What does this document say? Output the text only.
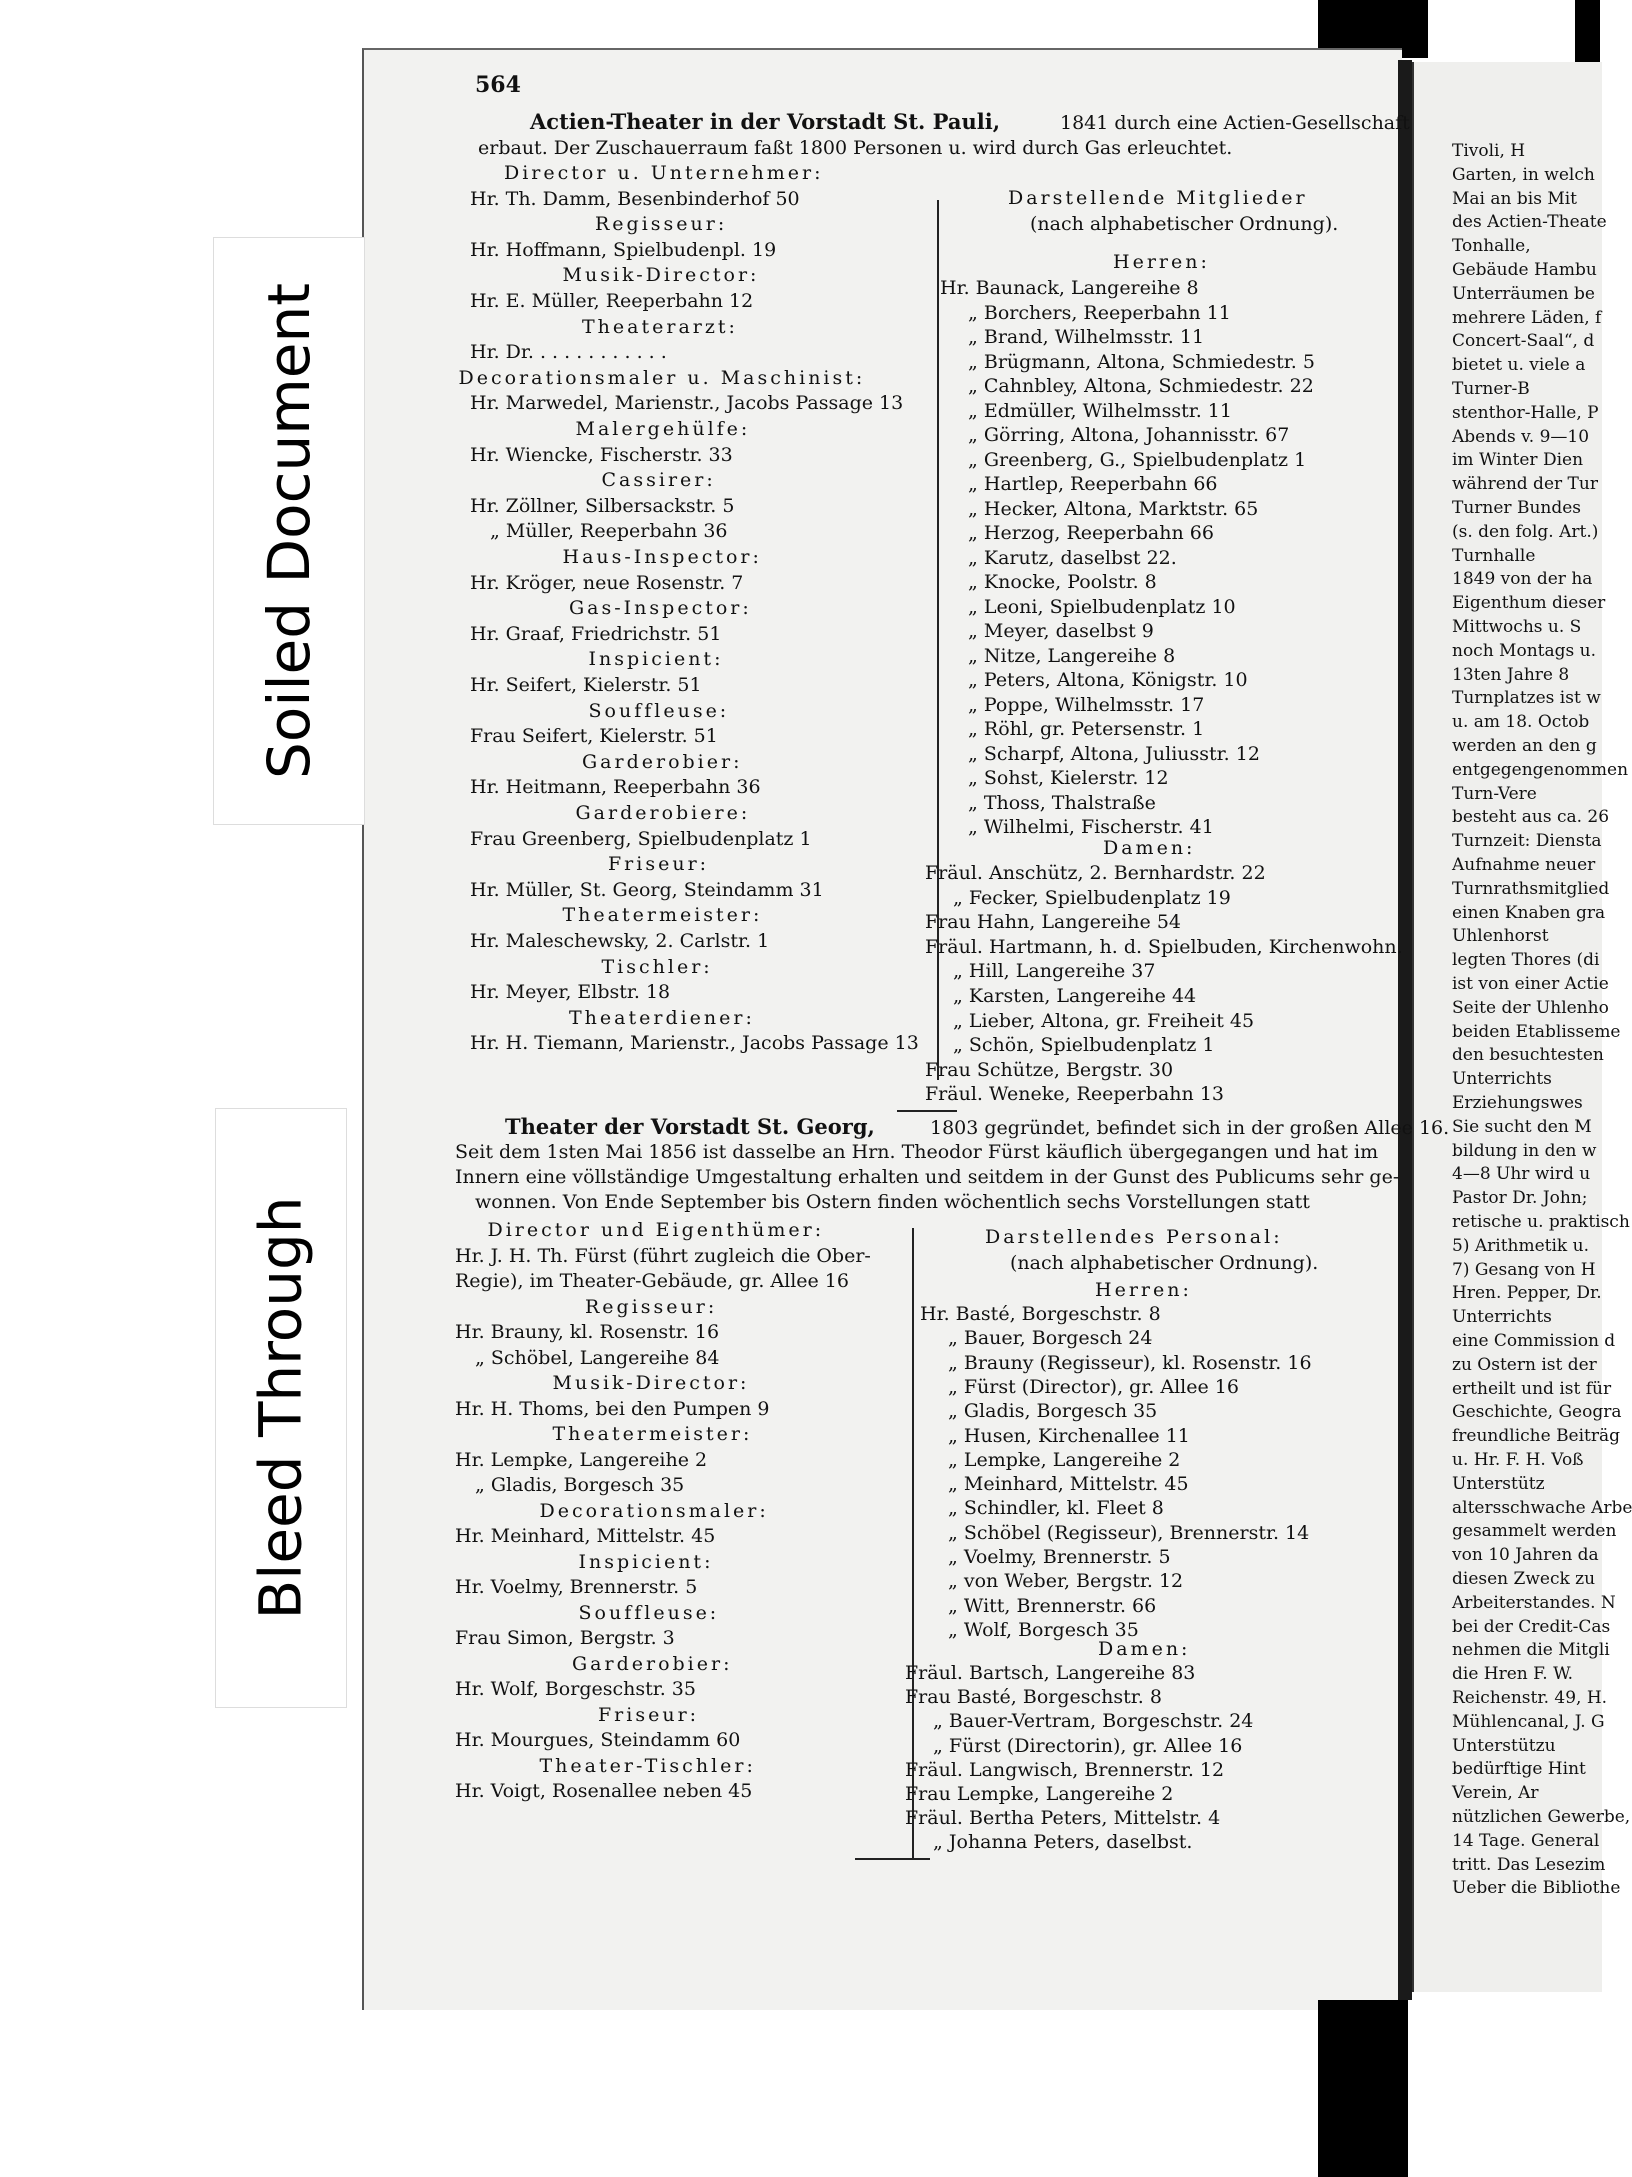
Soiled Document
Bleed Through
564
Actien-Theater in der Vorstadt St. Pauli,	1841 durch eine Actien-Gesellschaft
erbaut. Der Zuschauerraum faßt 1800 Personen u. wird durch Gas erleuchtet.
Director u. Unternehmer:
Hr. Th. Damm, Besenbinderhof 50
Regisseur:
Hr. Hoffmann, Spielbudenpl. 19
Musik-Director:
Hr. E. Müller, Reeperbahn 12
Theaterarzt:
Hr. Dr. . . . . . . . . . . .
Decorationsmaler u. Maschinist:
Hr. Marwedel, Marienstr., Jacobs Passage 13
Malergehülfe:
Hr. Wiencke, Fischerstr. 33
Cassirer:
Hr. Zöllner, Silbersackstr. 5
„ Müller, Reeperbahn 36
Haus-Inspector:
Hr. Kröger, neue Rosenstr. 7
Gas-Inspector:
Hr. Graaf, Friedrichstr. 51
Inspicient:
Hr. Seifert, Kielerstr. 51
Souffleuse:
Frau Seifert, Kielerstr. 51
Garderobier:
Hr. Heitmann, Reeperbahn 36
Garderobiere:
Frau Greenberg, Spielbudenplatz 1
Friseur:
Hr. Müller, St. Georg, Steindamm 31
Theatermeister:
Hr. Maleschewsky, 2. Carlstr. 1
Tischler:
Hr. Meyer, Elbstr. 18
Theaterdiener:
Hr. H. Tiemann, Marienstr., Jacobs Passage 13
Darstellende Mitglieder
(nach alphabetischer Ordnung).
Herren:
Hr. Baunack, Langereihe 8
„ Borchers, Reeperbahn 11
„ Brand, Wilhelmsstr. 11
„ Brügmann, Altona, Schmiedestr. 5
„ Cahnbley, Altona, Schmiedestr. 22
„ Edmüller, Wilhelmsstr. 11
„ Görring, Altona, Johannisstr. 67
„ Greenberg, G., Spielbudenplatz 1
„ Hartlep, Reeperbahn 66
„ Hecker, Altona, Marktstr. 65
„ Herzog, Reeperbahn 66
„ Karutz, daselbst 22.
„ Knocke, Poolstr. 8
„ Leoni, Spielbudenplatz 10
„ Meyer, daselbst 9
„ Nitze, Langereihe 8
„ Peters, Altona, Königstr. 10
„ Poppe, Wilhelmsstr. 17
„ Röhl, gr. Petersenstr. 1
„ Scharpf, Altona, Juliusstr. 12
„ Sohst, Kielerstr. 12
„ Thoss, Thalstraße
„ Wilhelmi, Fischerstr. 41
Damen:
Fräul. Anschütz, 2. Bernhardstr. 22
„ Fecker, Spielbudenplatz 19
Frau Hahn, Langereihe 54
Fräul. Hartmann, h. d. Spielbuden, Kirchenwohn.
„ Hill, Langereihe 37
„ Karsten, Langereihe 44
„ Lieber, Altona, gr. Freiheit 45
„ Schön, Spielbudenplatz 1
Frau Schütze, Bergstr. 30
Fräul. Weneke, Reeperbahn 13
Theater der Vorstadt St. Georg,	1803 gegründet, befindet sich in der großen Allee 16.
Seit dem 1sten Mai 1856 ist dasselbe an Hrn. Theodor Fürst käuflich übergegangen und hat im
Innern eine völlständige Umgestaltung erhalten und seitdem in der Gunst des Publicums sehr ge-
wonnen. Von Ende September bis Ostern finden wöchentlich sechs Vorstellungen statt
Director und Eigenthümer:
Hr. J. H. Th. Fürst (führt zugleich die Ober-
Regie), im Theater-Gebäude, gr. Allee 16
Regisseur:
Hr. Brauny, kl. Rosenstr. 16
„ Schöbel, Langereihe 84
Musik-Director:
Hr. H. Thoms, bei den Pumpen 9
Theatermeister:
Hr. Lempke, Langereihe 2
„ Gladis, Borgesch 35
Decorationsmaler:
Hr. Meinhard, Mittelstr. 45
Inspicient:
Hr. Voelmy, Brennerstr. 5
Souffleuse:
Frau Simon, Bergstr. 3
Garderobier:
Hr. Wolf, Borgeschstr. 35
Friseur:
Hr. Mourgues, Steindamm 60
Theater-Tischler:
Hr. Voigt, Rosenallee neben 45
Darstellendes Personal:
(nach alphabetischer Ordnung).
Herren:
Hr. Basté, Borgeschstr. 8
„ Bauer, Borgesch 24
„ Brauny (Regisseur), kl. Rosenstr. 16
„ Fürst (Director), gr. Allee 16
„ Gladis, Borgesch 35
„ Husen, Kirchenallee 11
„ Lempke, Langereihe 2
„ Meinhard, Mittelstr. 45
„ Schindler, kl. Fleet 8
„ Schöbel (Regisseur), Brennerstr. 14
„ Voelmy, Brennerstr. 5
„ von Weber, Bergstr. 12
„ Witt, Brennerstr. 66
„ Wolf, Borgesch 35
Damen:
Fräul. Bartsch, Langereihe 83
Frau Basté, Borgeschstr. 8
„ Bauer-Vertram, Borgeschstr. 24
„ Fürst (Directorin), gr. Allee 16
Fräul. Langwisch, Brennerstr. 12
Frau Lempke, Langereihe 2
Fräul. Bertha Peters, Mittelstr. 4
„ Johanna Peters, daselbst.
Tivoli, H
Garten, in welch
Mai an bis Mit
des Actien-Theate
Tonhalle,
Gebäude Hambu
Unterräumen be
mehrere Läden, f
Concert-Saal“, d
bietet u. viele a
Turner-B
stenthor-Halle, P
Abends v. 9—10
im Winter Dien
während der Tur
Turner Bundes
(s. den folg. Art.)
Turnhalle
1849 von der ha
Eigenthum dieser
Mittwochs u. S
noch Montags u.
13ten Jahre 8
Turnplatzes ist w
u. am 18. Octob
werden an den g
entgegengenommen
Turn-Vere
besteht aus ca. 26
Turnzeit: Diensta
Aufnahme neuer
Turnrathsmitglied
einen Knaben gra
Uhlenhorst
legten Thores (di
ist von einer Actie
Seite der Uhlenho
beiden Etablisseme
den besuchtesten
Unterrichts
Erziehungswes
Sie sucht den M
bildung in den w
4—8 Uhr wird u
Pastor Dr. John;
retische u. praktisch
5) Arithmetik u.
7) Gesang von H
Hren. Pepper, Dr.
Unterrichts
eine Commission d
zu Ostern ist der
ertheilt und ist für
Geschichte, Geogra
freundliche Beiträg
u. Hr. F. H. Voß
Unterstütz
altersschwache Arbe
gesammelt werden
von 10 Jahren da
diesen Zweck zu
Arbeiterstandes. N
bei der Credit-Cas
nehmen die Mitgli
die Hren F. W.
Reichenstr. 49, H.
Mühlencanal, J. G
Unterstützu
bedürftige Hint
Verein, Ar
nützlichen Gewerbe,
14 Tage. General
tritt. Das Lesezim
Ueber die Bibliothe
